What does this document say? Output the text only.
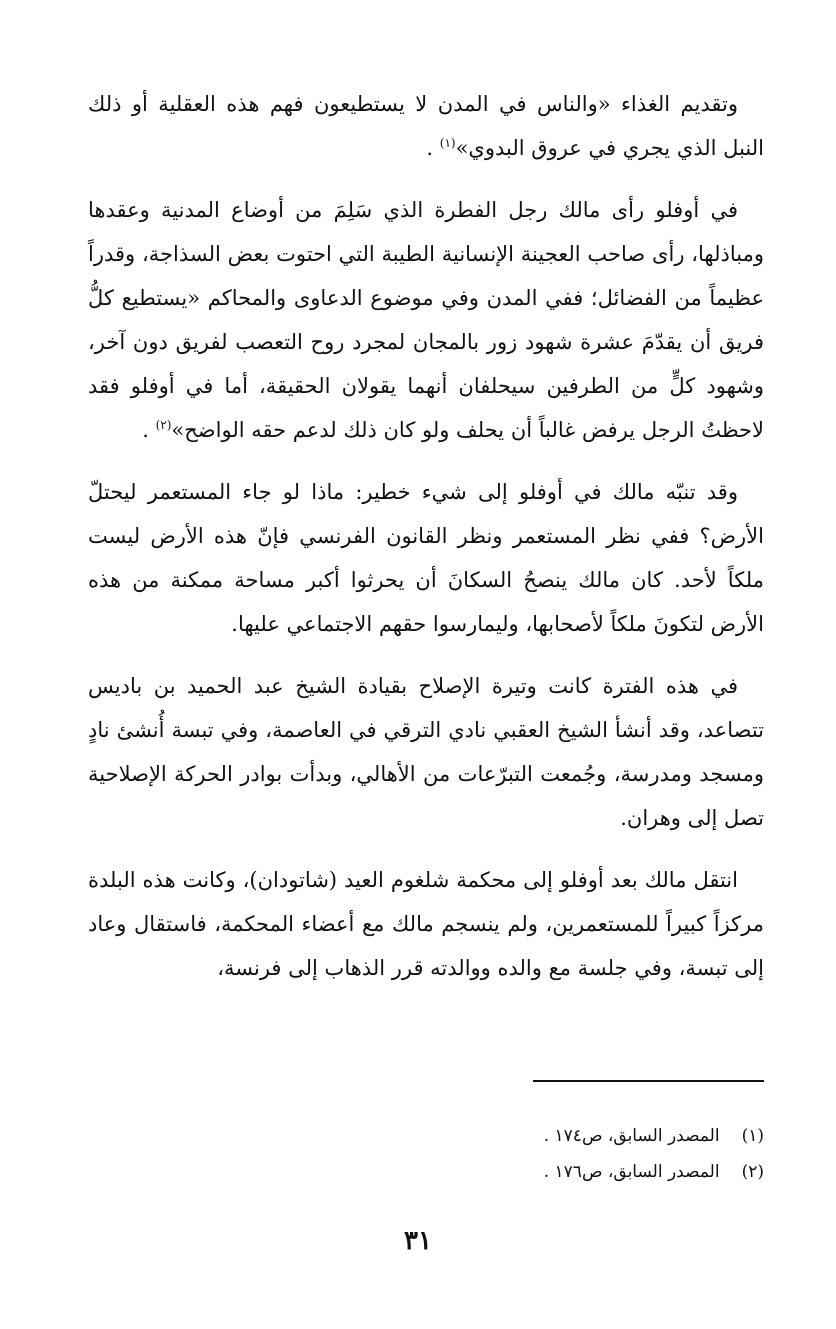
وتقديم الغذاء «والناس في المدن لا يستطيعون فهم هذه العقلية أو ذلك النبل الذي يجري في عروق البدوي»$^{(١)}$ .

في أوفلو رأى مالك رجل الفطرة الذي سَلِمَ من أوضاع المدنية وعقدها ومباذلها، رأى صاحب العجينة الإنسانية الطيبة التي احتوت بعض السذاجة، وقدراً عظيماً من الفضائل؛ ففي المدن وفي موضوع الدعاوى والمحاكم «يستطيع كلُّ فريق أن يقدّمَ عشرة شهود زور بالمجان لمجرد روح التعصب لفريق دون آخر، وشهود كلٍّ من الطرفين سيحلفان أنهما يقولان الحقيقة، أما في أوفلو فقد لاحظتُ الرجل يرفض غالباً أن يحلف ولو كان ذلك لدعم حقه الواضح»$^{(٢)}$ .

وقد تنبّه مالك في أوفلو إلى شيء خطير: ماذا لو جاء المستعمر ليحتلّ الأرض؟ ففي نظر المستعمر ونظر القانون الفرنسي فإنّ هذه الأرض ليست ملكاً لأحد. كان مالك ينصحُ السكانَ أن يحرثوا أكبر مساحة ممكنة من هذه الأرض لتكونَ ملكاً لأصحابها، وليمارسوا حقهم الاجتماعي عليها.

في هذه الفترة كانت وتيرة الإصلاح بقيادة الشيخ عبد الحميد بن باديس تتصاعد، وقد أنشأ الشيخ العقبي نادي الترقي في العاصمة، وفي تبسة أُنشئ نادٍ ومسجد ومدرسة، وجُمعت التبرّعات من الأهالي، وبدأت بوادر الحركة الإصلاحية تصل إلى وهران.

انتقل مالك بعد أوفلو إلى محكمة شلغوم العيد (شاتودان)، وكانت هذه البلدة مركزاً كبيراً للمستعمرين، ولم ينسجم مالك مع أعضاء المحكمة، فاستقال وعاد إلى تبسة، وفي جلسة مع والده ووالدته قرر الذهاب إلى فرنسة،

(١)المصدر السابق، ص١٧٤ .
(٢)المصدر السابق، ص١٧٦ .
٣١
